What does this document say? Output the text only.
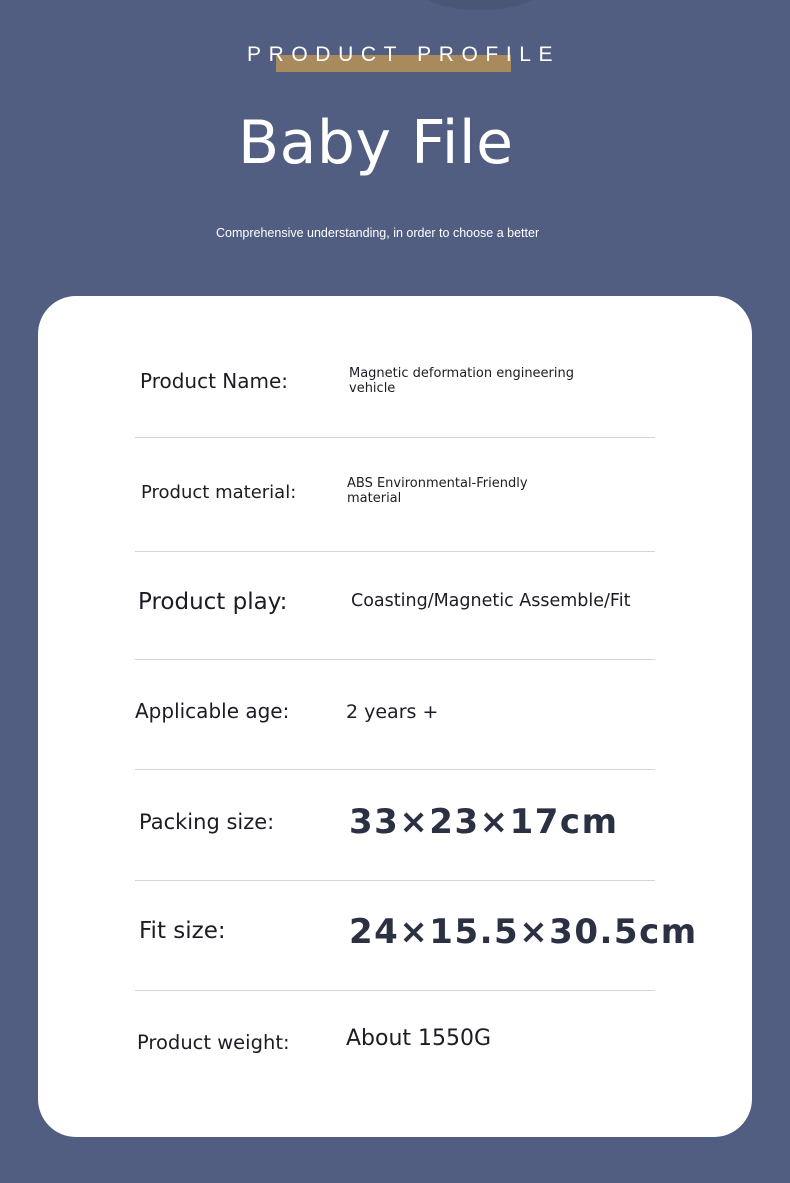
PRODUCT PROFILE
Baby File
Comprehensive understanding, in order to choose a better
Product Name:	Magnetic deformation engineering vehicle
Product material:	ABS Environmental-Friendly material
Product play:	Coasting/Magnetic Assemble/Fit
Applicable age:	2 years +
Packing size: 33×23×17cm
Fit size:	24×15.5×30.5cm
Product weight:	About 1550G
